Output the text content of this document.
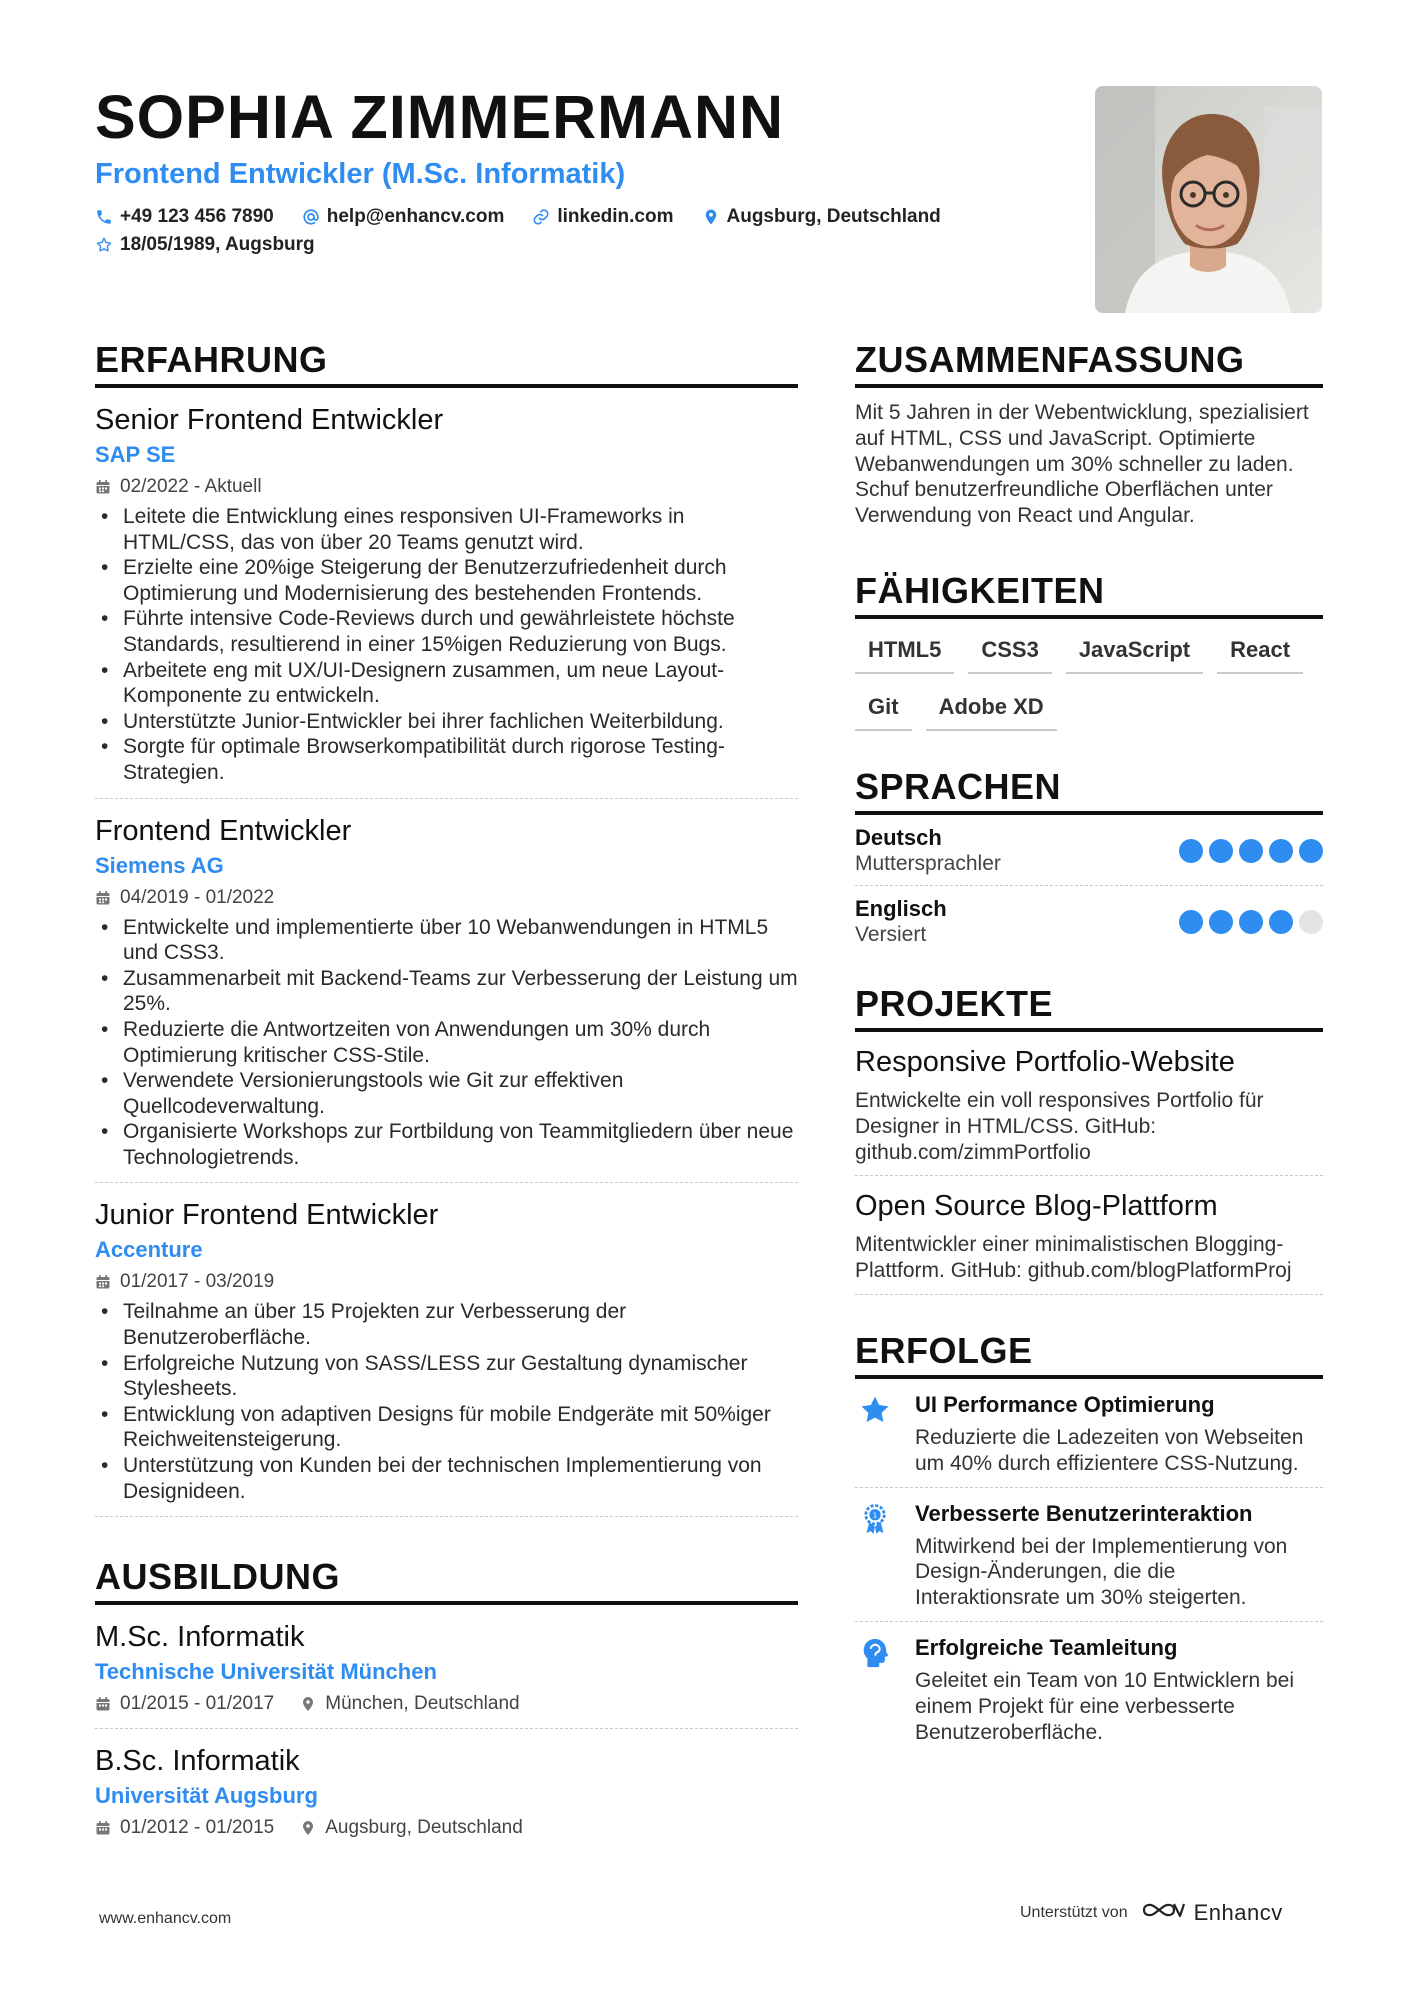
SOPHIA ZIMMERMANN
Frontend Entwickler (M.Sc. Informatik)
+49 123 456 7890	help@enhancv.com	linkedin.com	Augsburg, Deutschland
18/05/1989, Augsburg
ERFAHRUNG
Senior Frontend Entwickler
SAP SE
02/2022 - Aktuell
• Leitete die Entwicklung eines responsiven UI-Frameworks in HTML/CSS, das von über 20 Teams genutzt wird.
• Erzielte eine 20%ige Steigerung der Benutzerzufriedenheit durch Optimierung und Modernisierung des bestehenden Frontends.
• Führte intensive Code-Reviews durch und gewährleistete höchste Standards, resultierend in einer 15%igen Reduzierung von Bugs.
• Arbeitete eng mit UX/UI-Designern zusammen, um neue Layout-Komponente zu entwickeln.
• Unterstützte Junior-Entwickler bei ihrer fachlichen Weiterbildung.
• Sorgte für optimale Browserkompatibilität durch rigorose Testing-Strategien.
Frontend Entwickler
Siemens AG
04/2019 - 01/2022
• Entwickelte und implementierte über 10 Webanwendungen in HTML5 und CSS3.
• Zusammenarbeit mit Backend-Teams zur Verbesserung der Leistung um 25%.
• Reduzierte die Antwortzeiten von Anwendungen um 30% durch Optimierung kritischer CSS-Stile.
• Verwendete Versionierungstools wie Git zur effektiven Quellcodeverwaltung.
• Organisierte Workshops zur Fortbildung von Teammitgliedern über neue Technologietrends.
Junior Frontend Entwickler
Accenture
01/2017 - 03/2019
• Teilnahme an über 15 Projekten zur Verbesserung der Benutzeroberfläche.
• Erfolgreiche Nutzung von SASS/LESS zur Gestaltung dynamischer Stylesheets.
• Entwicklung von adaptiven Designs für mobile Endgeräte mit 50%iger Reichweitensteigerung.
• Unterstützung von Kunden bei der technischen Implementierung von Designideen.
AUSBILDUNG
M.Sc. Informatik
Technische Universität München
01/2015 - 01/2017	München, Deutschland
B.Sc. Informatik
Universität Augsburg
01/2012 - 01/2015	Augsburg, Deutschland
ZUSAMMENFASSUNG
Mit 5 Jahren in der Webentwicklung, spezialisiert auf HTML, CSS und JavaScript. Optimierte Webanwendungen um 30% schneller zu laden. Schuf benutzerfreundliche Oberflächen unter Verwendung von React und Angular.
FÄHIGKEITEN
HTML5	CSS3	JavaScript	React
Git	Adobe XD
SPRACHEN
Deutsch
Muttersprachler
Englisch
Versiert
PROJEKTE
Responsive Portfolio-Website
Entwickelte ein voll responsives Portfolio für Designer in HTML/CSS. GitHub: github.com/zimmPortfolio
Open Source Blog-Plattform
Mitentwickler einer minimalistischen Blogging-Plattform. GitHub: github.com/blogPlatformProj
ERFOLGE
UI Performance Optimierung
Reduzierte die Ladezeiten von Webseiten um 40% durch effizientere CSS-Nutzung.
1 Verbesserte Benutzerinteraktion
Mitwirkend bei der Implementierung von Design-Änderungen, die die Interaktionsrate um 30% steigerten.
Erfolgreiche Teamleitung
Geleitet ein Team von 10 Entwicklern bei einem Projekt für eine verbesserte Benutzeroberfläche.
www.enhancv.com	Unterstützt von	Enhancv
